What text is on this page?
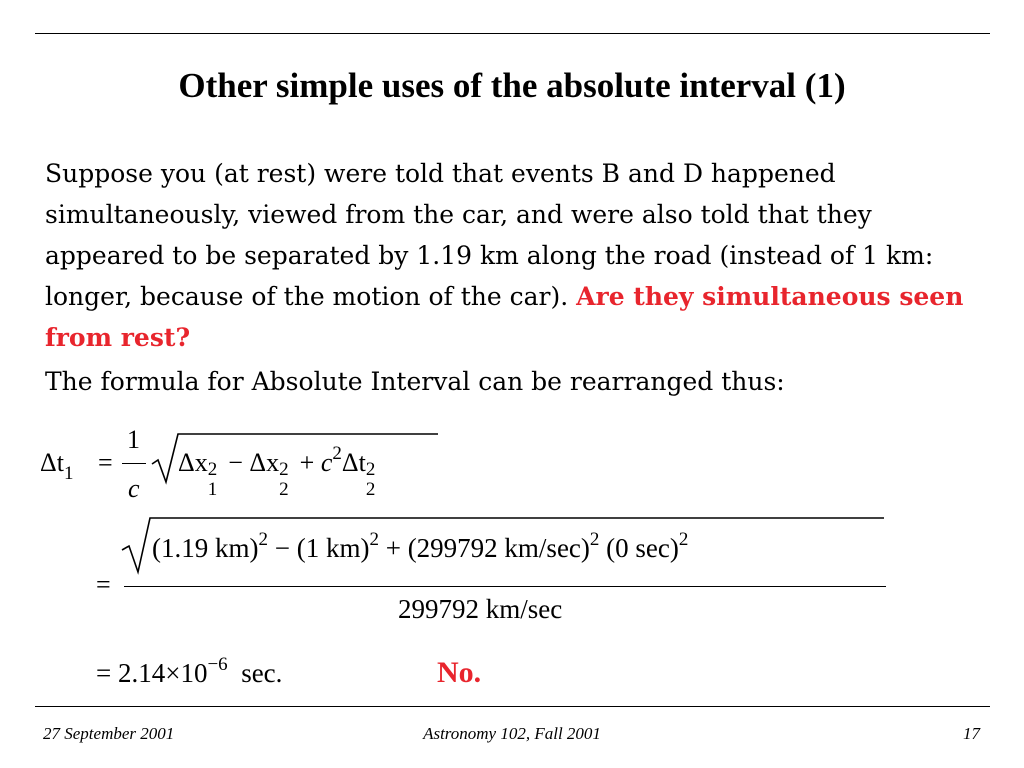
Other simple uses of the absolute interval (1)

Suppose you (at rest) were told that events B and D happened simultaneously, viewed from the car, and were also told that they appeared to be separated by 1.19 km along the road (instead of 1 km: longer, because of the motion of the car). Are they simultaneous seen from rest?

The formula for Absolute Interval can be rearranged thus:

$\Delta t_1$ =
1
c
Δx 2
1
− Δx 2
2
+ $c^2\Delta t$ 2
2
=
(1.19 km)$^2$ − (1 km)$^2$ + (299792 km/sec)$^2$ (0 sec)$^2$
299792 km/sec
= $2.14\times 10^{-6}$ sec.	No.
27 September 2001	Astronomy 102, Fall 2001	17
